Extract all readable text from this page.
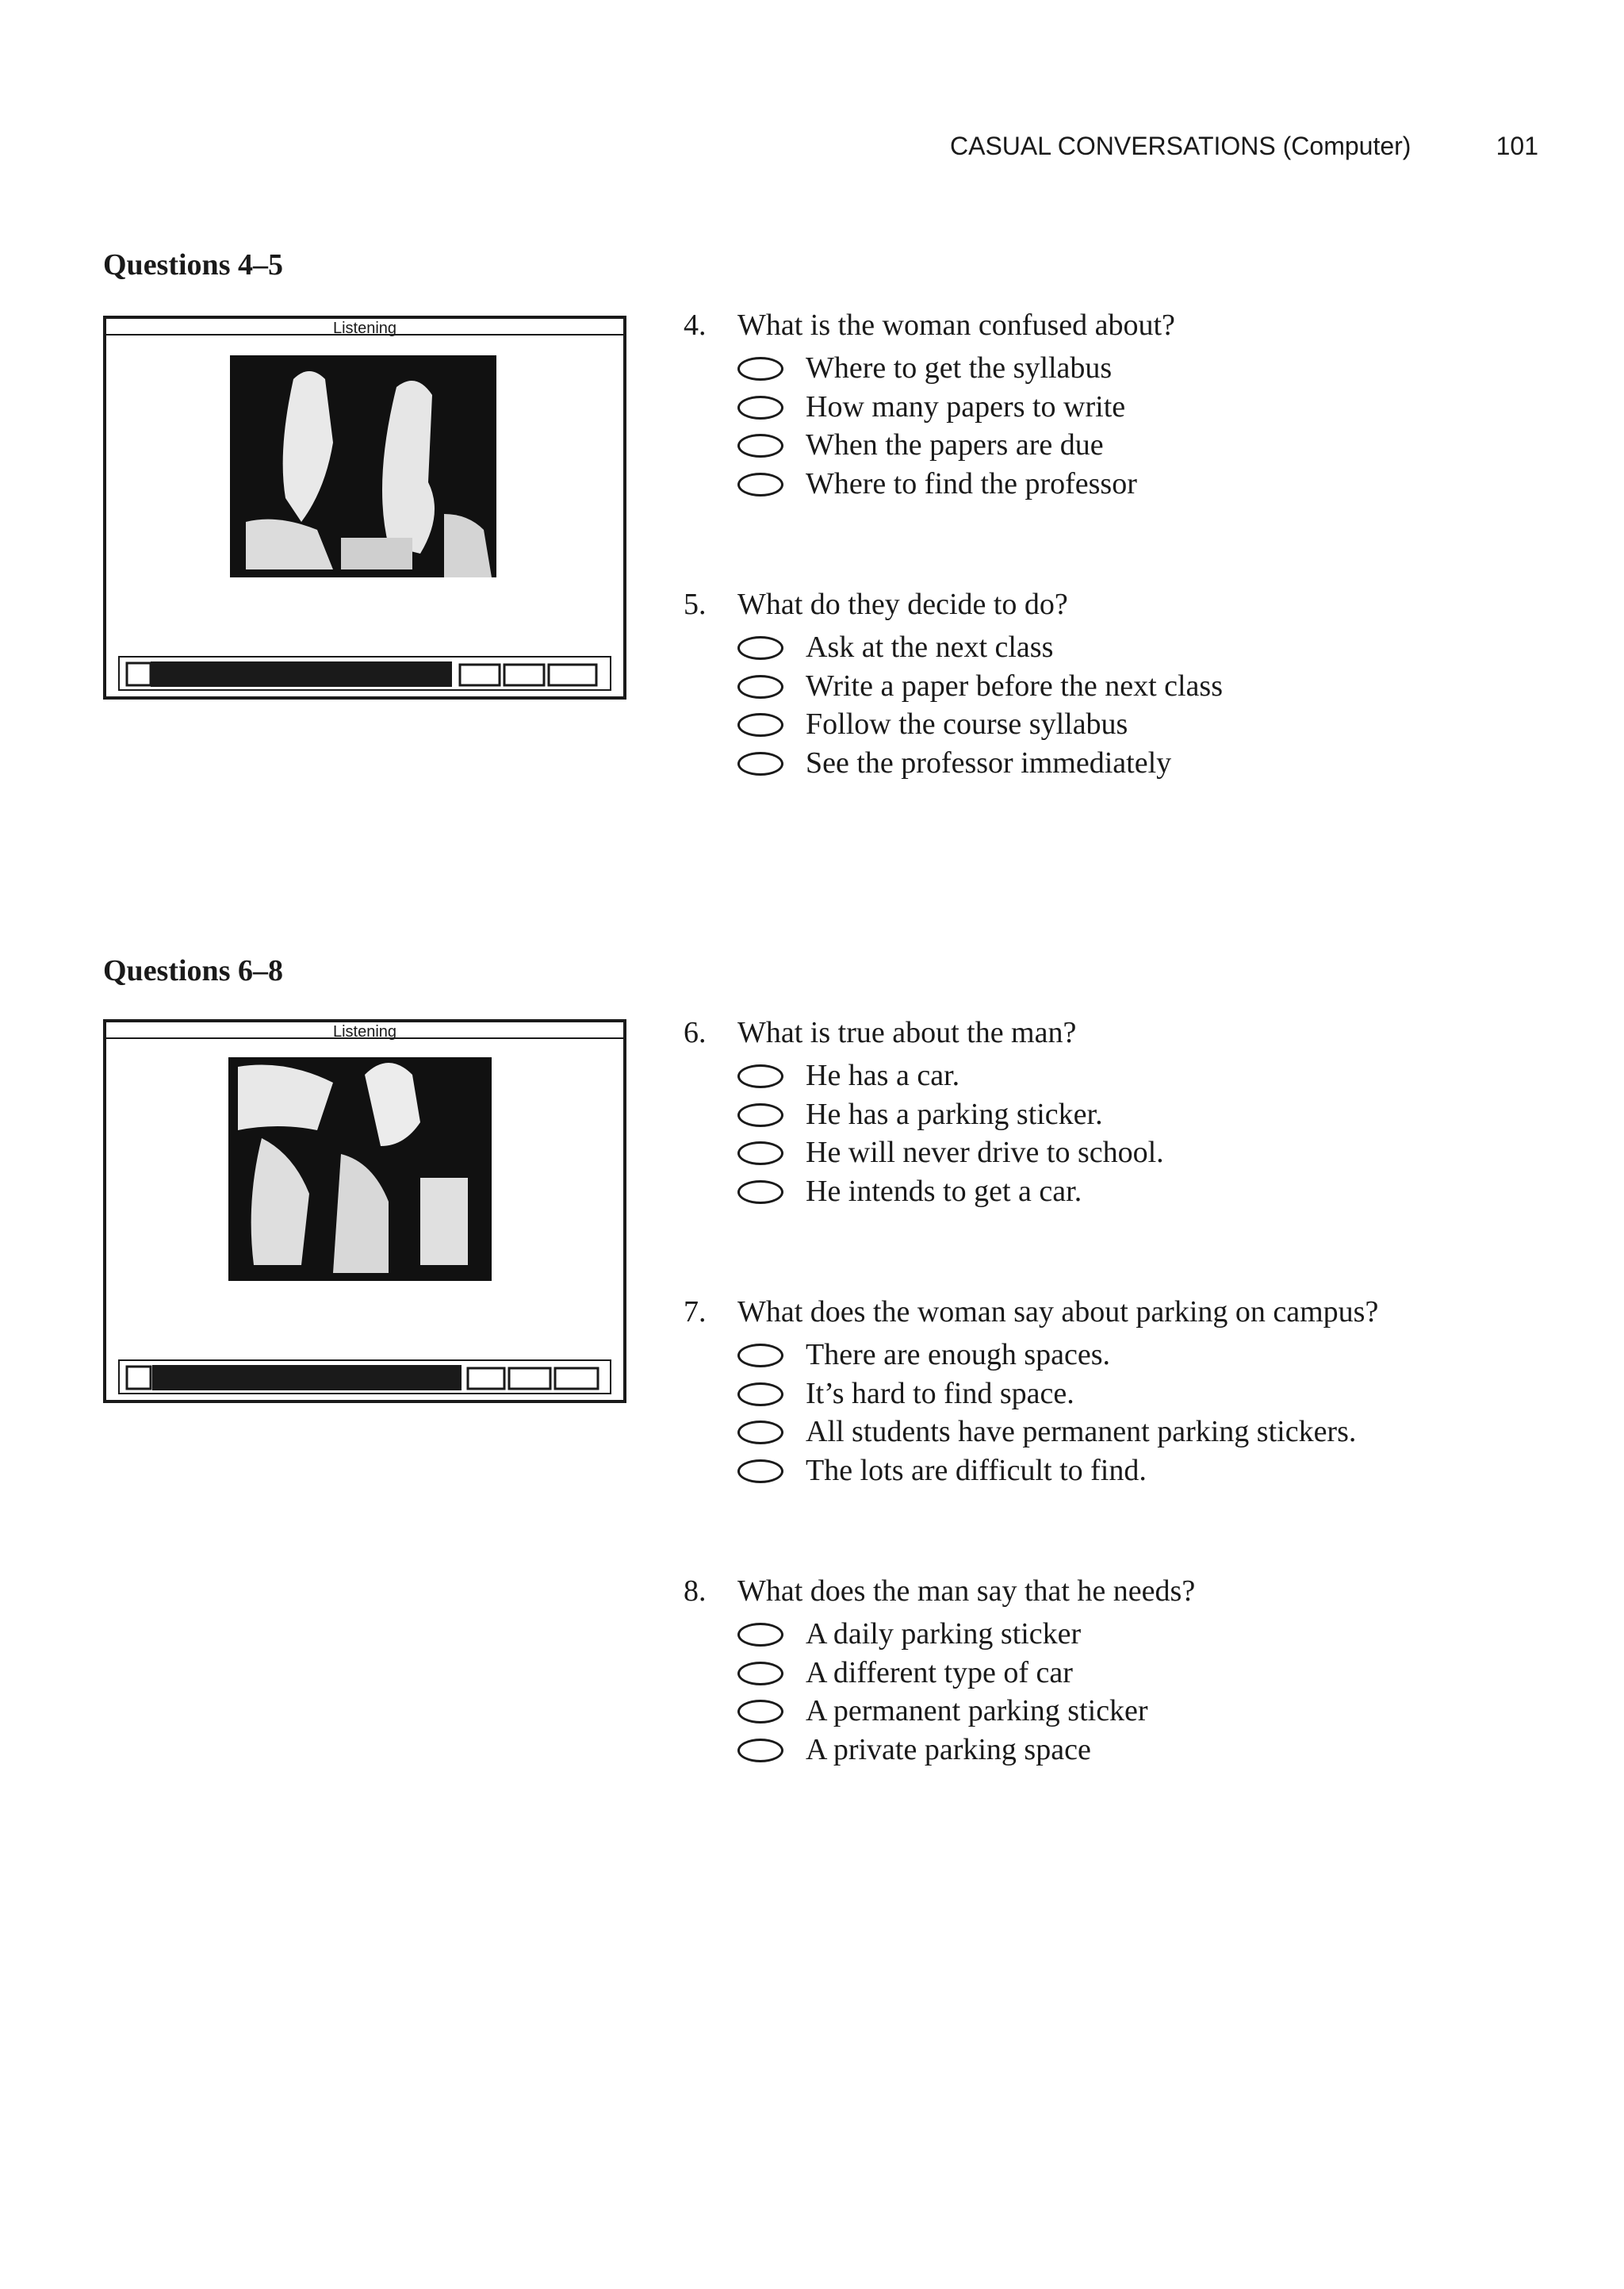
CASUAL CONVERSATIONS (Computer)	101
Questions 4–5
Listening	4. What is the woman confused about?
Where to get the syllabus
How many papers to write
When the papers are due
Where to find the professor
5. What do they decide to do?
Ask at the next class
Write a paper before the next class
Follow the course syllabus
See the professor immediately
Questions 6–8
Listening	6. What is true about the man?
He has a car.
He has a parking sticker.
He will never drive to school.
He intends to get a car.
7. What does the woman say about parking on campus?
There are enough spaces.
It’s hard to find space.
All students have permanent parking stickers.
The lots are difficult to find.
8. What does the man say that he needs?
A daily parking sticker
A different type of car
A permanent parking sticker
A private parking space
